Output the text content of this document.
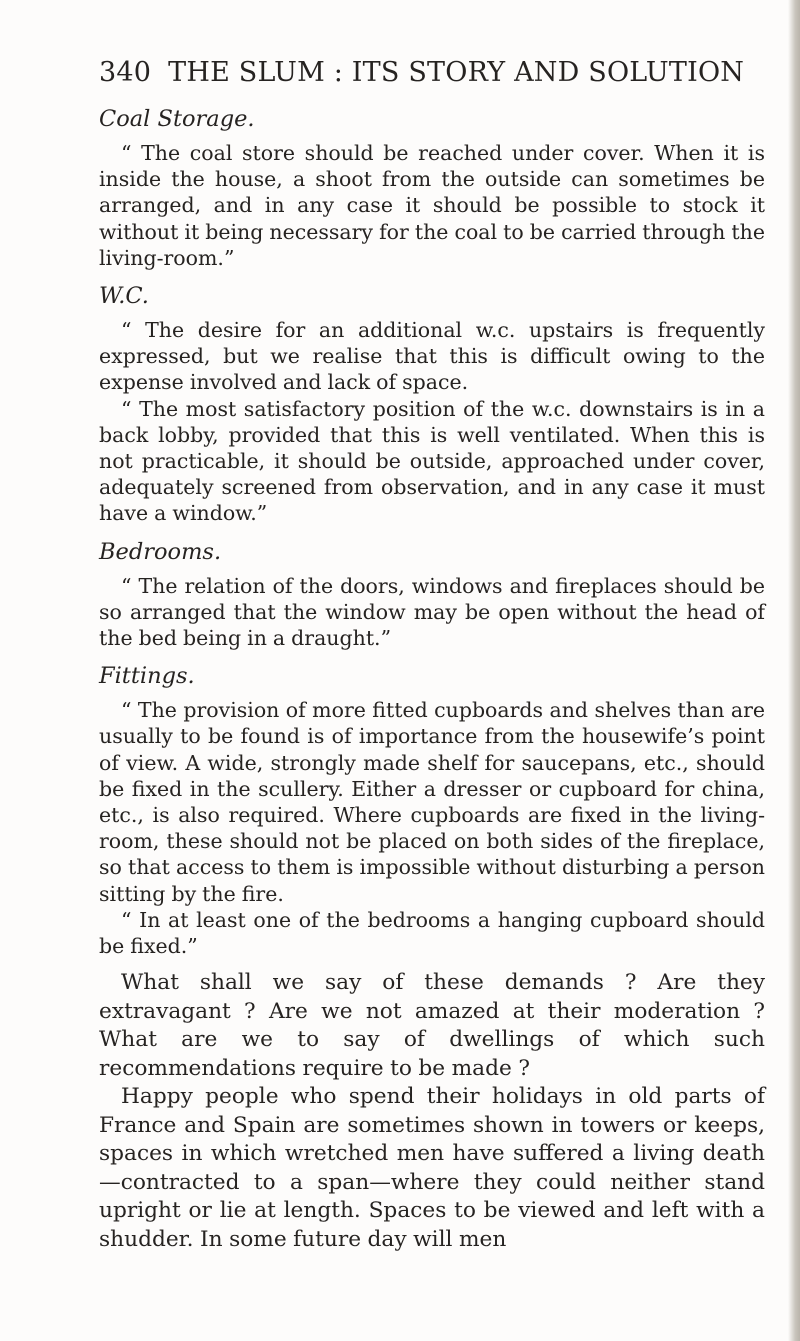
340 THE SLUM : ITS STORY AND SOLUTION
Coal Storage.

“ The coal store should be reached under cover. When it is inside the house, a shoot from the outside can sometimes be arranged, and in any case it should be possible to stock it without it being necessary for the coal to be carried through the living-room.”

W.C.

“ The desire for an additional w.c. upstairs is frequently expressed, but we realise that this is difficult owing to the expense involved and lack of space.

“ The most satisfactory position of the w.c. downstairs is in a back lobby, provided that this is well ventilated. When this is not practicable, it should be outside, approached under cover, adequately screened from observation, and in any case it must have a window.”

Bedrooms.

“ The relation of the doors, windows and fireplaces should be so arranged that the window may be open without the head of the bed being in a draught.”

Fittings.

“ The provision of more fitted cupboards and shelves than are usually to be found is of importance from the housewife’s point of view. A wide, strongly made shelf for saucepans, etc., should be fixed in the scullery. Either a dresser or cupboard for china, etc., is also required. Where cupboards are fixed in the living-room, these should not be placed on both sides of the fireplace, so that access to them is impossible without disturbing a person sitting by the fire.

“ In at least one of the bedrooms a hanging cupboard should be fixed.”

What shall we say of these demands ? Are they extravagant ? Are we not amazed at their moderation ? What are we to say of dwellings of which such recommendations require to be made ?

Happy people who spend their holidays in old parts of France and Spain are sometimes shown in towers or keeps, spaces in which wretched men have suffered a living death—contracted to a span—where they could neither stand upright or lie at length. Spaces to be viewed and left with a shudder. In some future day will men
